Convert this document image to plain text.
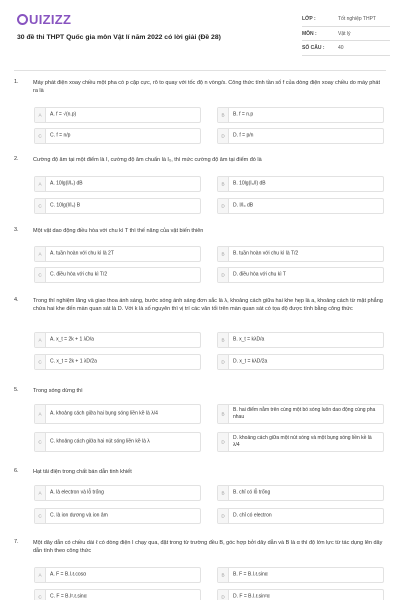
UIZIZZ
30 đề thi THPT Quốc gia môn Vật lí năm 2022 có lời giải (Đề 28)
LỚP :	Tốt nghiệp THPT
MÔN :	Vật lý
SỐ CÂU :	40
1.	Máy phát điện xoay chiều một pha có p cặp cực, rô to quay với tốc độ n vòng/s. Công thức tính tần số f của dòng điện xoay chiều do máy phát ra là
A	A. f = √(n.p)	B	B. f = n.p
C	C. f = n/p	D	D. f = p/n
2.	Cường độ âm tại một điểm là I, cường độ âm chuẩn là I₀, thì mức cường độ âm tại điểm đó là
A	A. 10lg(I/I₀) dB	B	B. 10lg(I₀/I) dB
C	C. 10lg(I/I₀) B	D	D. I/I₀ dB
3.	Một vật dao động điều hòa với chu kì T thì thế năng của vật biến thiên
A	A. tuần hoàn với chu kì là 2T	B	B. tuần hoàn với chu kì là T/2
C	C. điều hòa với chu kì T/2	D	D. điều hòa với chu kì T
4.	Trong thí nghiệm lăng và giao thoa ánh sáng, bước sóng ánh sáng đơn sắc là λ, khoảng cách giữa hai khe hẹp là a, khoảng cách từ mặt phẳng chứa hai khe đến màn quan sát là D. Với k là số nguyên thì vị trí các vân tối trên màn quan sát có tọa độ được tính bằng công thức
A	A. x_t = 2k + 1 λD/a	B	B. x_t = kλD/a
C	C. x_t = 2k + 1 λD/2a	D	D. x_t = kλD/2a
5.	Trong sóng dừng thì
A	A. khoảng cách giữa hai bụng sóng liền kề là λ/4	B
B. hai điểm nằm trên cùng một bó sóng luôn dao động cùng pha nhau
C	C. khoảng cách giữa hai nút sóng liền kề là λ	D
D. khoảng cách giữa một nút sóng và một bụng sóng liền kề là λ/4
6.	Hạt tải điện trong chất bán dẫn tinh khiết
A	A. là electron và lỗ trống	B	B. chỉ có lỗ trống
C	C. là ion dương và ion âm	D	D. chỉ có electron
7.	Một dây dẫn có chiều dài ℓ có dòng điện I chạy qua, đặt trong từ trường đều B, góc hợp bởi dây dẫn và B là α thì độ lớn lực từ tác dụng lên dây dẫn tính theo công thức
A	A. F = B.I.ℓ.cosα	B	B. F = B.I.ℓ.sinα
C	C. F = B.I².ℓ.sinα	D	D. F = B.I.ℓ.sin²α
